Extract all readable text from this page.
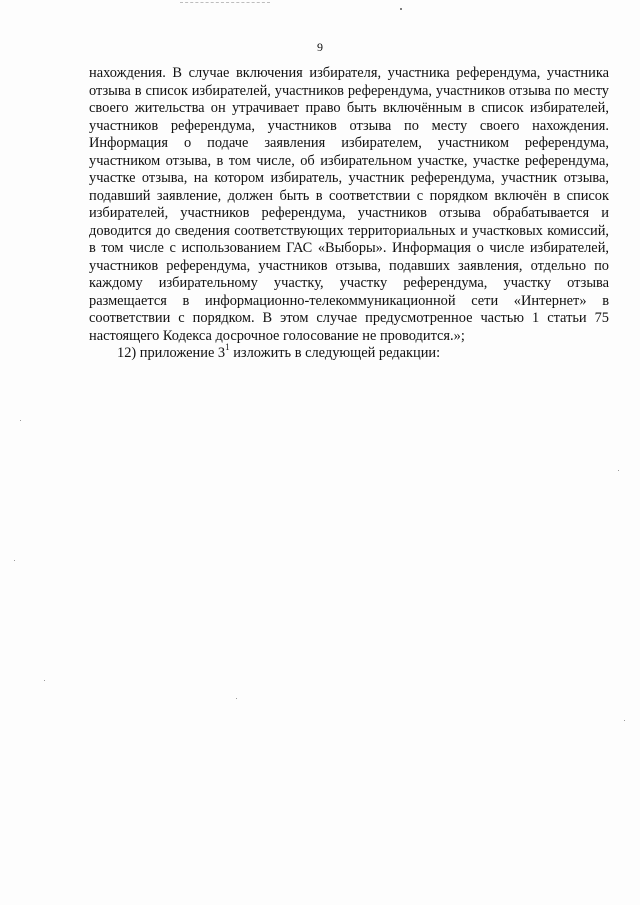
9

нахождения. В случае включения избирателя, участника референдума, участника отзыва в список избирателей, участников референдума, участников отзыва по месту своего жительства он утрачивает право быть включённым в список избирателей, участников референдума, участников отзыва по месту своего нахождения. Информация о подаче заявления избирателем, участником референдума, участником отзыва, в том числе, об избирательном участке, участке референдума, участке отзыва, на котором избиратель, участник референдума, участник отзыва, подавший заявление, должен быть в соответствии с порядком включён в список избирателей, участников референдума, участников отзыва обрабатывается и доводится до сведения соответствующих территориальных и участковых комиссий, в том числе с использованием ГАС «Выборы». Информация о числе избирателей, участников референдума, участников отзыва, подавших заявления, отдельно по каждому избирательному участку, участку референдума, участку отзыва размещается в информационно-телекоммуникационной сети «Интернет» в соответствии с порядком. В этом случае предусмотренное частью 1 статьи 75 настоящего Кодекса досрочное голосование не проводится.»;

12) приложение $3^1$ изложить в следующей редакции:
